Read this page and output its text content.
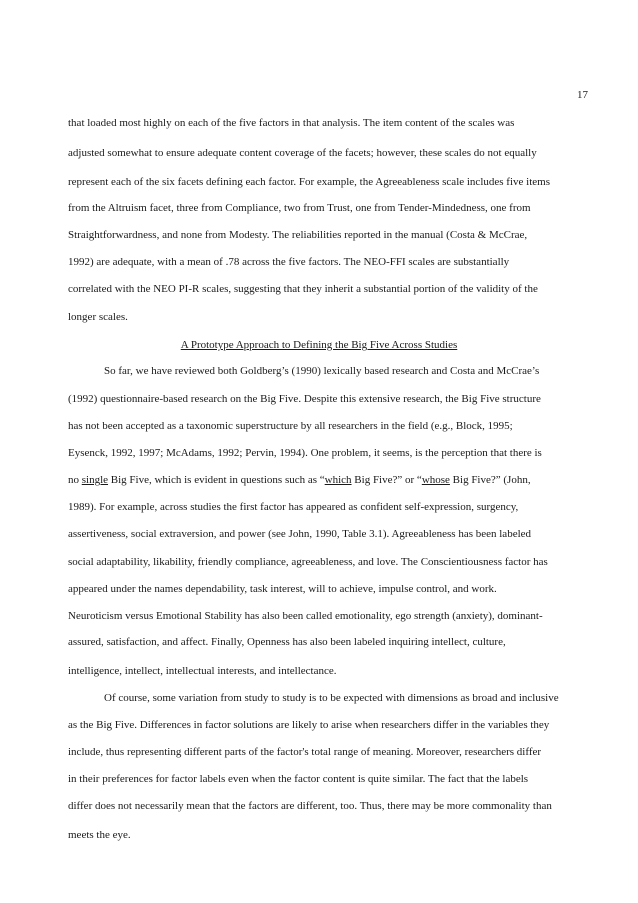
17
that loaded most highly on each of the five factors in that analysis. The item content of the scales was
adjusted somewhat to ensure adequate content coverage of the facets; however, these scales do not equally
represent each of the six facets defining each factor. For example, the Agreeableness scale includes five items
from the Altruism facet, three from Compliance, two from Trust, one from Tender-Mindedness, one from
Straightforwardness, and none from Modesty. The reliabilities reported in the manual (Costa & McCrae,
1992) are adequate, with a mean of .78 across the five factors. The NEO-FFI scales are substantially
correlated with the NEO PI-R scales, suggesting that they inherit a substantial portion of the validity of the
longer scales.
A Prototype Approach to Defining the Big Five Across Studies
So far, we have reviewed both Goldberg’s (1990) lexically based research and Costa and McCrae’s
(1992) questionnaire-based research on the Big Five. Despite this extensive research, the Big Five structure
has not been accepted as a taxonomic superstructure by all researchers in the field (e.g., Block, 1995;
Eysenck, 1992, 1997; McAdams, 1992; Pervin, 1994). One problem, it seems, is the perception that there is
no single Big Five, which is evident in questions such as “which Big Five?” or “whose Big Five?” (John,
1989). For example, across studies the first factor has appeared as confident self-expression, surgency,
assertiveness, social extraversion, and power (see John, 1990, Table 3.1). Agreeableness has been labeled
social adaptability, likability, friendly compliance, agreeableness, and love. The Conscientiousness factor has
appeared under the names dependability, task interest, will to achieve, impulse control, and work.
Neuroticism versus Emotional Stability has also been called emotionality, ego strength (anxiety), dominant-
assured, satisfaction, and affect. Finally, Openness has also been labeled inquiring intellect, culture,
intelligence, intellect, intellectual interests, and intellectance.
Of course, some variation from study to study is to be expected with dimensions as broad and inclusive
as the Big Five. Differences in factor solutions are likely to arise when researchers differ in the variables they
include, thus representing different parts of the factor's total range of meaning. Moreover, researchers differ
in their preferences for factor labels even when the factor content is quite similar. The fact that the labels
differ does not necessarily mean that the factors are different, too. Thus, there may be more commonality than
meets the eye.
